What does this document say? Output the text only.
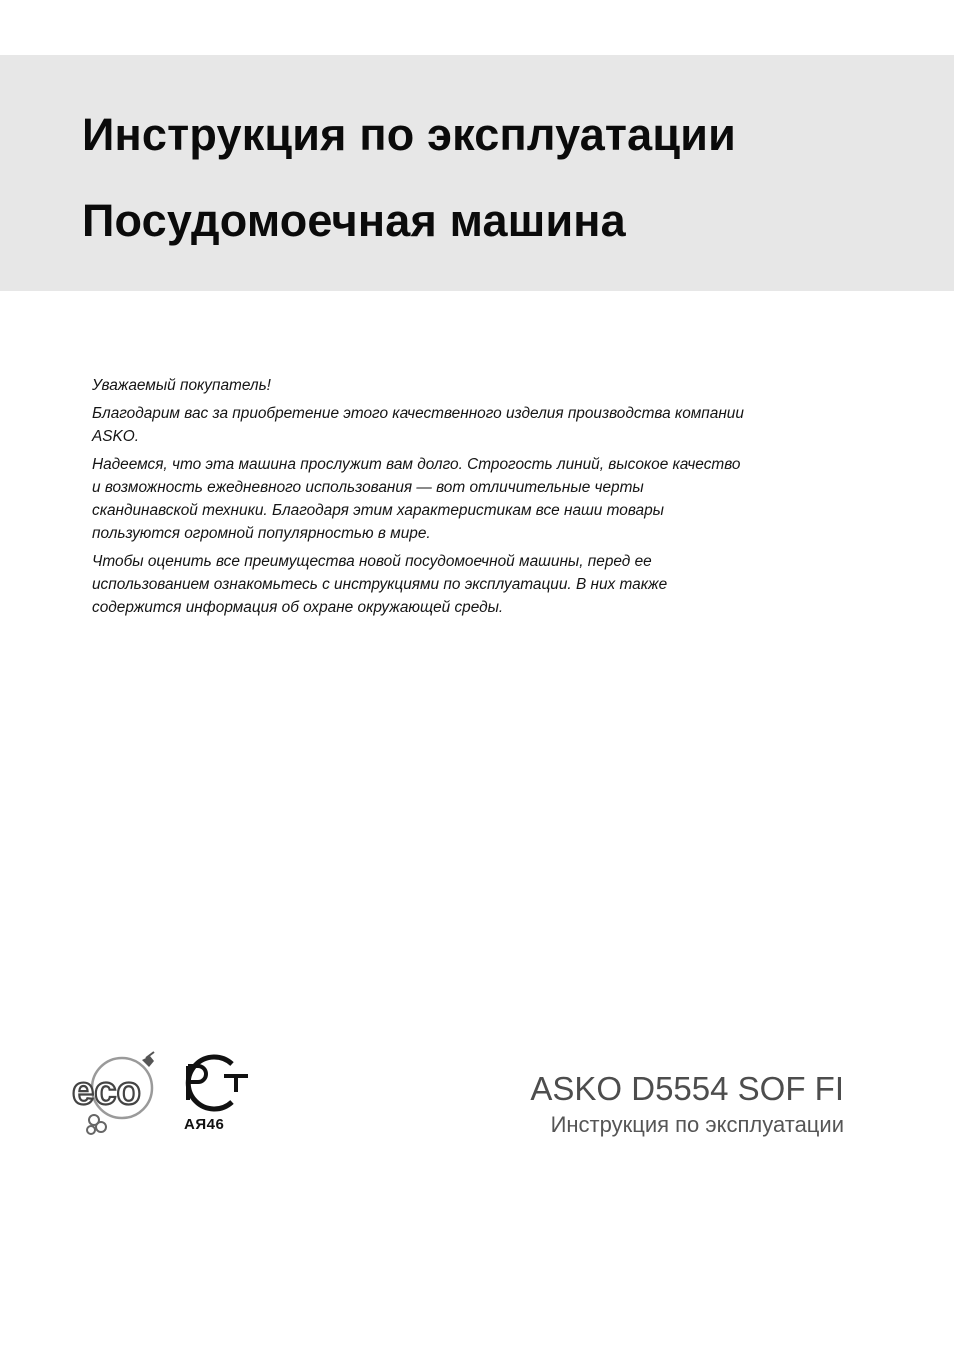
Инструкция по эксплуатации
Посудомоечная машина

Уважаемый покупатель!

Благодарим вас за приобретение этого качественного изделия производства компании ASKO.

Надеемся, что эта машина прослужит вам долго. Строгость линий, высокое качество и возможность ежедневного использования — вот отличительные черты скандинавской техники. Благодаря этим характеристикам все наши товары пользуются огромной популярностью в мире.

Чтобы оценить все преимущества новой посудомоечной машины, перед ее использованием ознакомьтесь с инструкциями по эксплуатации. В них также содержится информация об охране окружающей среды.

eco
АЯ46
ASKO D5554 SOF FI
Инструкция по эксплуатации
